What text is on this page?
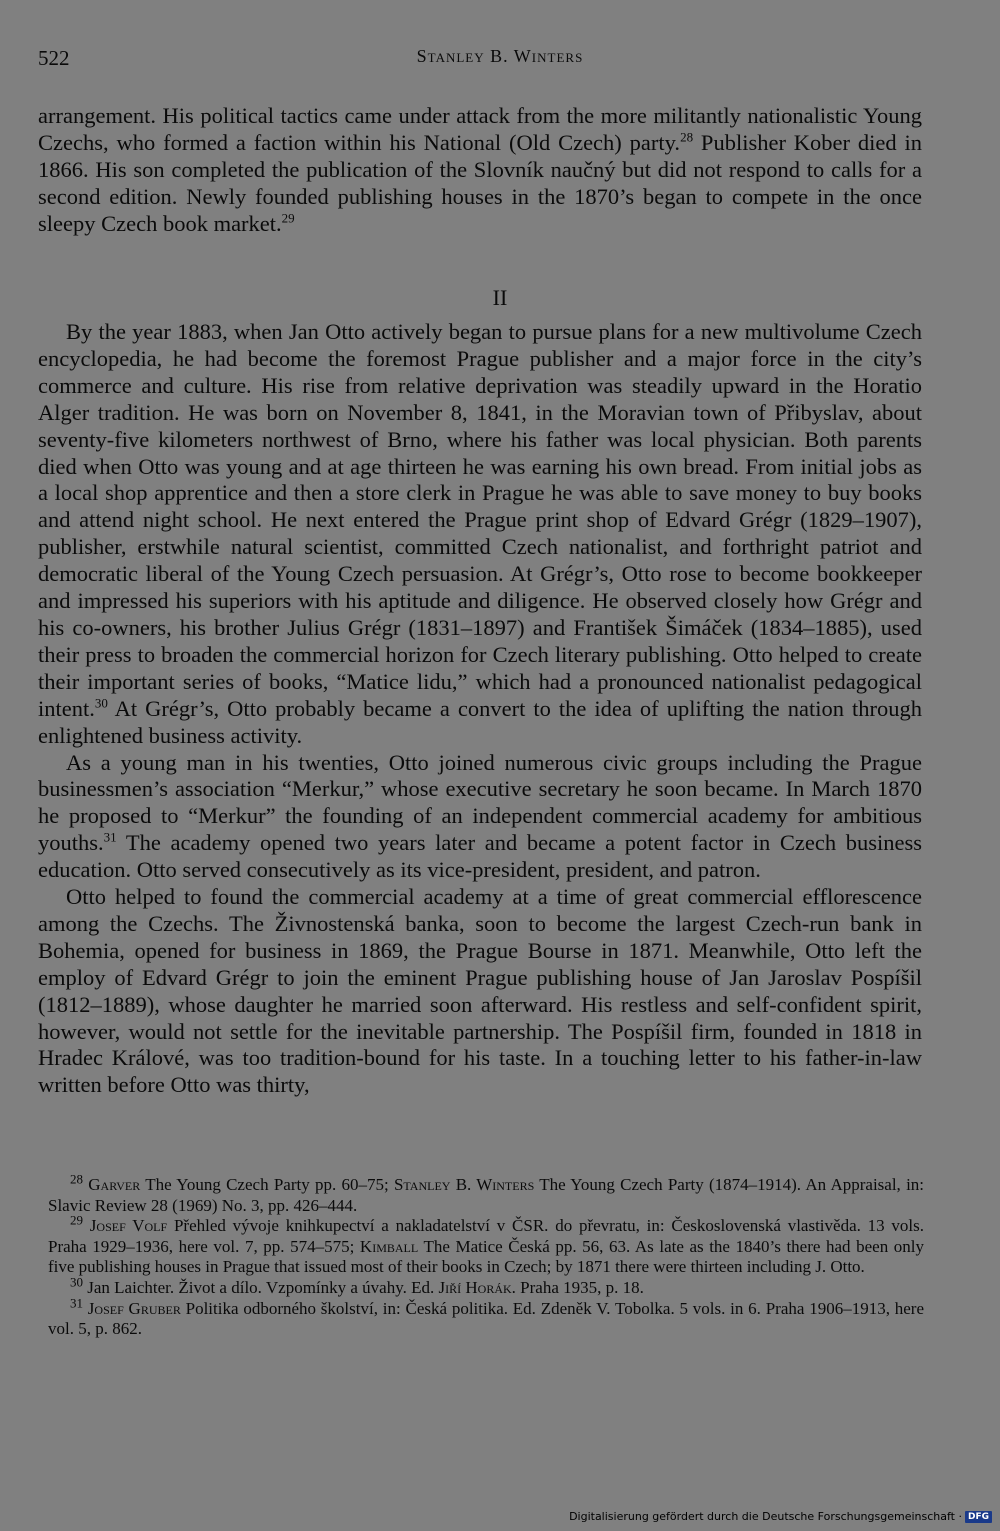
522	Stanley B. Winters

arrangement. His political tactics came under attack from the more militantly nationalistic Young Czechs, who formed a faction within his National (Old Czech) party.$^{28}$ Publisher Kober died in 1866. His son completed the publication of the Slovník naučný but did not respond to calls for a second edition. Newly founded publishing houses in the 1870’s began to compete in the once sleepy Czech book market.$^{29}$

II

By the year 1883, when Jan Otto actively began to pursue plans for a new multivolume Czech encyclopedia, he had become the foremost Prague publisher and a major force in the city’s commerce and culture. His rise from relative deprivation was steadily upward in the Horatio Alger tradition. He was born on November 8, 1841, in the Moravian town of Přibyslav, about seventy-five kilometers northwest of Brno, where his father was local physician. Both parents died when Otto was young and at age thirteen he was earning his own bread. From initial jobs as a local shop apprentice and then a store clerk in Prague he was able to save money to buy books and attend night school. He next entered the Prague print shop of Edvard Grégr (1829–1907), publisher, erstwhile natural scientist, committed Czech nationalist, and forthright patriot and democratic liberal of the Young Czech persuasion. At Grégr’s, Otto rose to become bookkeeper and impressed his superiors with his aptitude and diligence. He observed closely how Grégr and his co-owners, his brother Julius Grégr (1831–1897) and František Šimáček (1834–1885), used their press to broaden the commercial horizon for Czech literary publishing. Otto helped to create their important series of books, “Matice lidu,” which had a pronounced nationalist pedagogical intent.$^{30}$ At Grégr’s, Otto probably became a convert to the idea of uplifting the nation through enlightened business activity.

As a young man in his twenties, Otto joined numerous civic groups including the Prague businessmen’s association “Merkur,” whose executive secretary he soon became. In March 1870 he proposed to “Merkur” the founding of an independent commercial academy for ambitious youths.$^{31}$ The academy opened two years later and became a potent factor in Czech business education. Otto served consecutively as its vice-president, president, and patron.

Otto helped to found the commercial academy at a time of great commercial efflorescence among the Czechs. The Živnostenská banka, soon to become the largest Czech-run bank in Bohemia, opened for business in 1869, the Prague Bourse in 1871. Meanwhile, Otto left the employ of Edvard Grégr to join the eminent Prague publishing house of Jan Jaroslav Pospíšil (1812–1889), whose daughter he married soon afterward. His restless and self-confident spirit, however, would not settle for the inevitable partnership. The Pospíšil firm, founded in 1818 in Hradec Králové, was too tradition-bound for his taste. In a touching letter to his father-in-law written before Otto was thirty,

$^{28}$ Garver The Young Czech Party pp. 60–75; Stanley B. Winters The Young Czech Party (1874–1914). An Appraisal, in: Slavic Review 28 (1969) No. 3, pp. 426–444.

$^{29}$ Josef Volf Přehled vývoje knihkupectví a nakladatelství v ČSR. do převratu, in: Československá vlastivěda. 13 vols. Praha 1929–1936, here vol. 7, pp. 574–575; Kimball The Matice Česká pp. 56, 63. As late as the 1840’s there had been only five publishing houses in Prague that issued most of their books in Czech; by 1871 there were thirteen including J. Otto.

$^{30}$ Jan Laichter. Život a dílo. Vzpomínky a úvahy. Ed. Jiří Horák. Praha 1935, p. 18.

$^{31}$ Josef Gruber Politika odborného školství, in: Česká politika. Ed. Zdeněk V. Tobolka. 5 vols. in 6. Praha 1906–1913, here vol. 5, p. 862.

Digitalisierung gefördert durch die Deutsche Forschungsgemeinschaft · DFG
